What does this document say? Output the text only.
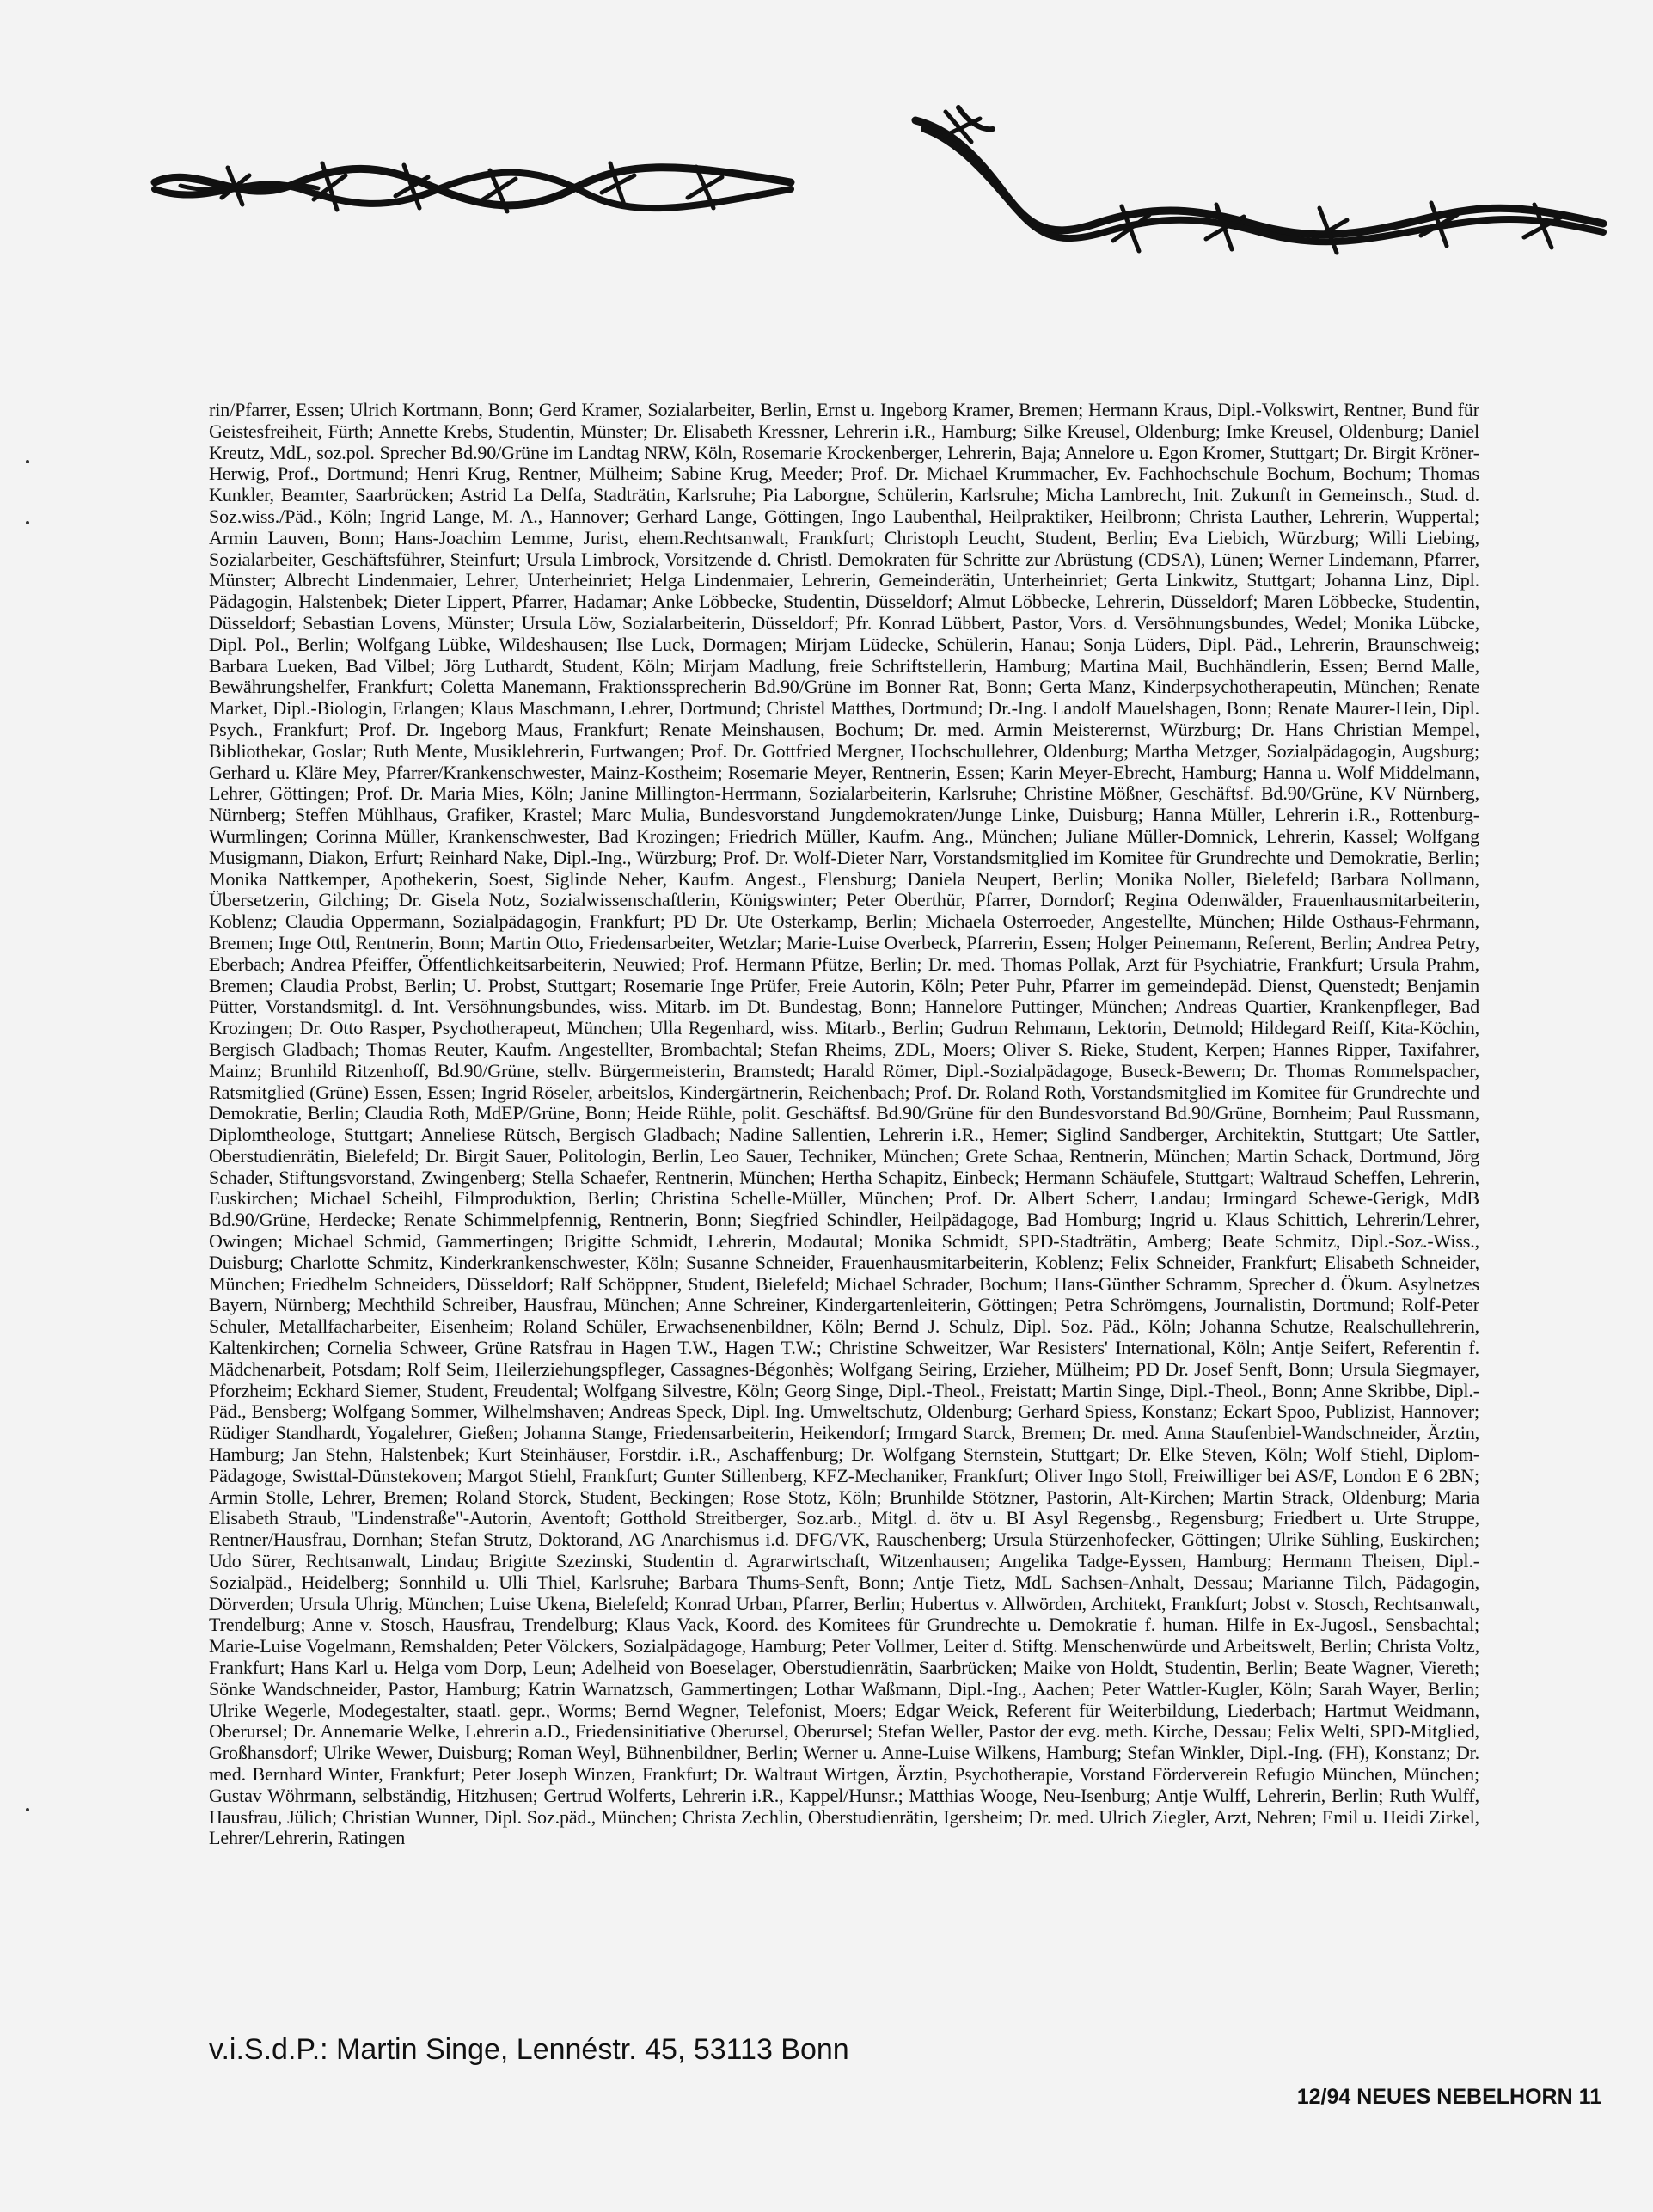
rin/Pfarrer, Essen; Ulrich Kortmann, Bonn; Gerd Kramer, Sozialarbeiter, Berlin, Ernst u. Ingeborg Kramer, Bremen; Hermann Kraus, Dipl.-Volkswirt, Rentner, Bund für Geistesfreiheit, Fürth; Annette Krebs, Studentin, Münster; Dr. Elisabeth Kressner, Lehrerin i.R., Hamburg; Silke Kreusel, Oldenburg; Imke Kreusel, Oldenburg; Daniel Kreutz, MdL, soz.pol. Sprecher Bd.90/Grüne im Landtag NRW, Köln, Rosemarie Krockenberger, Lehrerin, Baja; Annelore u. Egon Kromer, Stuttgart; Dr. Birgit Kröner-Herwig, Prof., Dortmund; Henri Krug, Rentner, Mülheim; Sabine Krug, Meeder; Prof. Dr. Michael Krummacher, Ev. Fachhochschule Bochum, Bochum; Thomas Kunkler, Beamter, Saarbrücken; Astrid La Delfa, Stadträtin, Karlsruhe; Pia Laborgne, Schülerin, Karlsruhe; Micha Lambrecht, Init. Zukunft in Gemeinsch., Stud. d. Soz.wiss./Päd., Köln; Ingrid Lange, M. A., Hannover; Gerhard Lange, Göttingen, Ingo Laubenthal, Heilpraktiker, Heilbronn; Christa Lauther, Lehrerin, Wuppertal; Armin Lauven, Bonn; Hans-Joachim Lemme, Jurist, ehem.Rechtsanwalt, Frankfurt; Christoph Leucht, Student, Berlin; Eva Liebich, Würzburg; Willi Liebing, Sozialarbeiter, Geschäftsführer, Steinfurt; Ursula Limbrock, Vorsitzende d. Christl. Demokraten für Schritte zur Abrüstung (CDSA), Lünen; Werner Lindemann, Pfarrer, Münster; Albrecht Lindenmaier, Lehrer, Unterheinriet; Helga Lindenmaier, Lehrerin, Gemeinderätin, Unterheinriet; Gerta Linkwitz, Stuttgart; Johanna Linz, Dipl. Pädagogin, Halstenbek; Dieter Lippert, Pfarrer, Hadamar; Anke Löbbecke, Studentin, Düsseldorf; Almut Löbbecke, Lehrerin, Düsseldorf; Maren Löbbecke, Studentin, Düsseldorf; Sebastian Lovens, Münster; Ursula Löw, Sozialarbeiterin, Düsseldorf; Pfr. Konrad Lübbert, Pastor, Vors. d. Versöhnungsbundes, Wedel; Monika Lübcke, Dipl. Pol., Berlin; Wolfgang Lübke, Wildeshausen; Ilse Luck, Dormagen; Mirjam Lüdecke, Schülerin, Hanau; Sonja Lüders, Dipl. Päd., Lehrerin, Braunschweig; Barbara Lueken, Bad Vilbel; Jörg Luthardt, Student, Köln; Mirjam Madlung, freie Schriftstellerin, Hamburg; Martina Mail, Buchhändlerin, Essen; Bernd Malle, Bewährungshelfer, Frankfurt; Coletta Manemann, Fraktionssprecherin Bd.90/Grüne im Bonner Rat, Bonn; Gerta Manz, Kinderpsychotherapeutin, München; Renate Market, Dipl.-Biologin, Erlangen; Klaus Maschmann, Lehrer, Dortmund; Christel Matthes, Dortmund; Dr.-Ing. Landolf Mauelshagen, Bonn; Renate Maurer-Hein, Dipl. Psych., Frankfurt; Prof. Dr. Ingeborg Maus, Frankfurt; Renate Meinshausen, Bochum; Dr. med. Armin Meisterernst, Würzburg; Dr. Hans Christian Mempel, Bibliothekar, Goslar; Ruth Mente, Musiklehrerin, Furtwangen; Prof. Dr. Gottfried Mergner, Hochschullehrer, Oldenburg; Martha Metzger, Sozialpädagogin, Augsburg; Gerhard u. Kläre Mey, Pfarrer/Krankenschwester, Mainz-Kostheim; Rosemarie Meyer, Rentnerin, Essen; Karin Meyer-Ebrecht, Hamburg; Hanna u. Wolf Middelmann, Lehrer, Göttingen; Prof. Dr. Maria Mies, Köln; Janine Millington-Herrmann, Sozialarbeiterin, Karlsruhe; Christine Mößner, Geschäftsf. Bd.90/Grüne, KV Nürnberg, Nürnberg; Steffen Mühlhaus, Grafiker, Krastel; Marc Mulia, Bundesvorstand Jungdemokraten/Junge Linke, Duisburg; Hanna Müller, Lehrerin i.R., Rottenburg-Wurmlingen; Corinna Müller, Krankenschwester, Bad Krozingen; Friedrich Müller, Kaufm. Ang., München; Juliane Müller-Domnick, Lehrerin, Kassel; Wolfgang Musigmann, Diakon, Erfurt; Reinhard Nake, Dipl.-Ing., Würzburg; Prof. Dr. Wolf-Dieter Narr, Vorstandsmitglied im Komitee für Grundrechte und Demokratie, Berlin; Monika Nattkemper, Apothekerin, Soest, Siglinde Neher, Kaufm. Angest., Flensburg; Daniela Neupert, Berlin; Monika Noller, Bielefeld; Barbara Nollmann, Übersetzerin, Gilching; Dr. Gisela Notz, Sozialwissenschaftlerin, Königswinter; Peter Oberthür, Pfarrer, Dorndorf; Regina Odenwälder, Frauenhausmitarbeiterin, Koblenz; Claudia Oppermann, Sozialpädagogin, Frankfurt; PD Dr. Ute Osterkamp, Berlin; Michaela Osterroeder, Angestellte, München; Hilde Osthaus-Fehrmann, Bremen; Inge Ottl, Rentnerin, Bonn; Martin Otto, Friedensarbeiter, Wetzlar; Marie-Luise Overbeck, Pfarrerin, Essen; Holger Peinemann, Referent, Berlin; Andrea Petry, Eberbach; Andrea Pfeiffer, Öffentlichkeitsarbeiterin, Neuwied; Prof. Hermann Pfütze, Berlin; Dr. med. Thomas Pollak, Arzt für Psychiatrie, Frankfurt; Ursula Prahm, Bremen; Claudia Probst, Berlin; U. Probst, Stuttgart; Rosemarie Inge Prüfer, Freie Autorin, Köln; Peter Puhr, Pfarrer im gemeindepäd. Dienst, Quenstedt; Benjamin Pütter, Vorstandsmitgl. d. Int. Versöhnungsbundes, wiss. Mitarb. im Dt. Bundestag, Bonn; Hannelore Puttinger, München; Andreas Quartier, Krankenpfleger, Bad Krozingen; Dr. Otto Rasper, Psychotherapeut, München; Ulla Regenhard, wiss. Mitarb., Berlin; Gudrun Rehmann, Lektorin, Detmold; Hildegard Reiff, Kita-Köchin, Bergisch Gladbach; Thomas Reuter, Kaufm. Angestellter, Brombachtal; Stefan Rheims, ZDL, Moers; Oliver S. Rieke, Student, Kerpen; Hannes Ripper, Taxifahrer, Mainz; Brunhild Ritzenhoff, Bd.90/Grüne, stellv. Bürgermeisterin, Bramstedt; Harald Römer, Dipl.-Sozialpädagoge, Buseck-Bewern; Dr. Thomas Rommelspacher, Ratsmitglied (Grüne) Essen, Essen; Ingrid Röseler, arbeitslos, Kindergärtnerin, Reichenbach; Prof. Dr. Roland Roth, Vorstandsmitglied im Komitee für Grundrechte und Demokratie, Berlin; Claudia Roth, MdEP/Grüne, Bonn; Heide Rühle, polit. Geschäftsf. Bd.90/Grüne für den Bundesvorstand Bd.90/Grüne, Bornheim; Paul Russmann, Diplomtheologe, Stuttgart; Anneliese Rütsch, Bergisch Gladbach; Nadine Sallentien, Lehrerin i.R., Hemer; Siglind Sandberger, Architektin, Stuttgart; Ute Sattler, Oberstudienrätin, Bielefeld; Dr. Birgit Sauer, Politologin, Berlin, Leo Sauer, Techniker, München; Grete Schaa, Rentnerin, München; Martin Schack, Dortmund, Jörg Schader, Stiftungsvorstand, Zwingenberg; Stella Schaefer, Rentnerin, München; Hertha Schapitz, Einbeck; Hermann Schäufele, Stuttgart; Waltraud Scheffen, Lehrerin, Euskirchen; Michael Scheihl, Filmproduktion, Berlin; Christina Schelle-Müller, München; Prof. Dr. Albert Scherr, Landau; Irmingard Schewe-Gerigk, MdB Bd.90/Grüne, Herdecke; Renate Schimmelpfennig, Rentnerin, Bonn; Siegfried Schindler, Heilpädagoge, Bad Homburg; Ingrid u. Klaus Schittich, Lehrerin/Lehrer, Owingen; Michael Schmid, Gammertingen; Brigitte Schmidt, Lehrerin, Modautal; Monika Schmidt, SPD-Stadträtin, Amberg; Beate Schmitz, Dipl.-Soz.-Wiss., Duisburg; Charlotte Schmitz, Kinderkrankenschwester, Köln; Susanne Schneider, Frauenhausmitarbeiterin, Koblenz; Felix Schneider, Frankfurt; Elisabeth Schneider, München; Friedhelm Schneiders, Düsseldorf; Ralf Schöppner, Student, Bielefeld; Michael Schrader, Bochum; Hans-Günther Schramm, Sprecher d. Ökum. Asylnetzes Bayern, Nürnberg; Mechthild Schreiber, Hausfrau, München; Anne Schreiner, Kindergartenleiterin, Göttingen; Petra Schrömgens, Journalistin, Dortmund; Rolf-Peter Schuler, Metallfacharbeiter, Eisenheim; Roland Schüler, Erwachsenenbildner, Köln; Bernd J. Schulz, Dipl. Soz. Päd., Köln; Johanna Schutze, Realschullehrerin, Kaltenkirchen; Cornelia Schweer, Grüne Ratsfrau in Hagen T.W., Hagen T.W.; Christine Schweitzer, War Resisters' International, Köln; Antje Seifert, Referentin f. Mädchenarbeit, Potsdam; Rolf Seim, Heilerziehungspfleger, Cassagnes-Bégonhès; Wolfgang Seiring, Erzieher, Mülheim; PD Dr. Josef Senft, Bonn; Ursula Siegmayer, Pforzheim; Eckhard Siemer, Student, Freudental; Wolfgang Silvestre, Köln; Georg Singe, Dipl.-Theol., Freistatt; Martin Singe, Dipl.-Theol., Bonn; Anne Skribbe, Dipl.-Päd., Bensberg; Wolfgang Sommer, Wilhelmshaven; Andreas Speck, Dipl. Ing. Umweltschutz, Oldenburg; Gerhard Spiess, Konstanz; Eckart Spoo, Publizist, Hannover; Rüdiger Standhardt, Yogalehrer, Gießen; Johanna Stange, Friedensarbeiterin, Heikendorf; Irmgard Starck, Bremen; Dr. med. Anna Staufenbiel-Wandschneider, Ärztin, Hamburg; Jan Stehn, Halstenbek; Kurt Steinhäuser, Forstdir. i.R., Aschaffenburg; Dr. Wolfgang Sternstein, Stuttgart; Dr. Elke Steven, Köln; Wolf Stiehl, Diplom-Pädagoge, Swisttal-Dünstekoven; Margot Stiehl, Frankfurt; Gunter Stillenberg, KFZ-Mechaniker, Frankfurt; Oliver Ingo Stoll, Freiwilliger bei AS/F, London E 6 2BN; Armin Stolle, Lehrer, Bremen; Roland Storck, Student, Beckingen; Rose Stotz, Köln; Brunhilde Stötzner, Pastorin, Alt-Kirchen; Martin Strack, Oldenburg; Maria Elisabeth Straub, "Lindenstraße"-Autorin, Aventoft; Gotthold Streitberger, Soz.arb., Mitgl. d. ötv u. BI Asyl Regensbg., Regensburg; Friedbert u. Urte Struppe, Rentner/Hausfrau, Dornhan; Stefan Strutz, Doktorand, AG Anarchismus i.d. DFG/VK, Rauschenberg; Ursula Stürzenhofecker, Göttingen; Ulrike Sühling, Euskirchen; Udo Sürer, Rechtsanwalt, Lindau; Brigitte Szezinski, Studentin d. Agrarwirtschaft, Witzenhausen; Angelika Tadge-Eyssen, Hamburg; Hermann Theisen, Dipl.-Sozialpäd., Heidelberg; Sonnhild u. Ulli Thiel, Karlsruhe; Barbara Thums-Senft, Bonn; Antje Tietz, MdL Sachsen-Anhalt, Dessau; Marianne Tilch, Pädagogin, Dörverden; Ursula Uhrig, München; Luise Ukena, Bielefeld; Konrad Urban, Pfarrer, Berlin; Hubertus v. Allwörden, Architekt, Frankfurt; Jobst v. Stosch, Rechtsanwalt, Trendelburg; Anne v. Stosch, Hausfrau, Trendelburg; Klaus Vack, Koord. des Komitees für Grundrechte u. Demokratie f. human. Hilfe in Ex-Jugosl., Sensbachtal; Marie-Luise Vogelmann, Remshalden; Peter Völckers, Sozialpädagoge, Hamburg; Peter Vollmer, Leiter d. Stiftg. Menschenwürde und Arbeitswelt, Berlin; Christa Voltz, Frankfurt; Hans Karl u. Helga vom Dorp, Leun; Adelheid von Boeselager, Oberstudienrätin, Saarbrücken; Maike von Holdt, Studentin, Berlin; Beate Wagner, Viereth; Sönke Wandschneider, Pastor, Hamburg; Katrin Warnatzsch, Gammertingen; Lothar Waßmann, Dipl.-Ing., Aachen; Peter Wattler-Kugler, Köln; Sarah Wayer, Berlin; Ulrike Wegerle, Modegestalter, staatl. gepr., Worms; Bernd Wegner, Telefonist, Moers; Edgar Weick, Referent für Weiterbildung, Liederbach; Hartmut Weidmann, Oberursel; Dr. Annemarie Welke, Lehrerin a.D., Friedensinitiative Oberursel, Oberursel; Stefan Weller, Pastor der evg. meth. Kirche, Dessau; Felix Welti, SPD-Mitglied, Großhansdorf; Ulrike Wewer, Duisburg; Roman Weyl, Bühnenbildner, Berlin; Werner u. Anne-Luise Wilkens, Hamburg; Stefan Winkler, Dipl.-Ing. (FH), Konstanz; Dr. med. Bernhard Winter, Frankfurt; Peter Joseph Winzen, Frankfurt; Dr. Waltraut Wirtgen, Ärztin, Psychotherapie, Vorstand Förderverein Refugio München, München; Gustav Wöhrmann, selbständig, Hitzhusen; Gertrud Wolferts, Lehrerin i.R., Kappel/Hunsr.; Matthias Wooge, Neu-Isenburg; Antje Wulff, Lehrerin, Berlin; Ruth Wulff, Hausfrau, Jülich; Christian Wunner, Dipl. Soz.päd., München; Christa Zechlin, Oberstudienrätin, Igersheim; Dr. med. Ulrich Ziegler, Arzt, Nehren; Emil u. Heidi Zirkel, Lehrer/Lehrerin, Ratingen

v.i.S.d.P.: Martin Singe, Lennéstr. 45, 53113 Bonn
12/94 NEUES NEBELHORN 11
